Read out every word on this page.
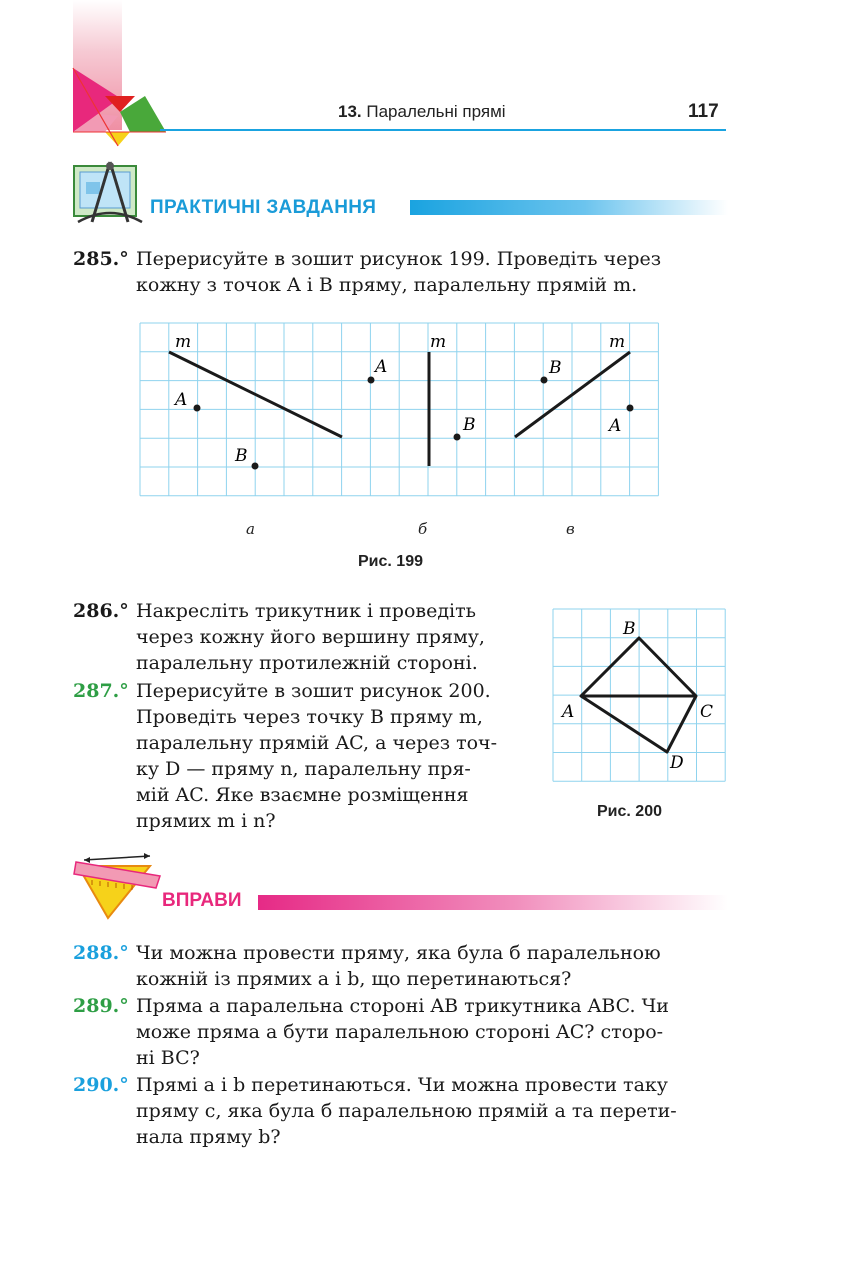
13. Паралельні прямі	117
ПРАКТИЧНІ ЗАВДАННЯ
285.° Перерисуйте в зошит рисунок 199. Проведіть через
кожну з точок A і B пряму, паралельну прямій m.
m
A
B
m
A
B
m
B
A
а	б	в
Рис. 199
286.° Накресліть трикутник і проведіть
через кожну його вершину пряму,
паралельну протилежній стороні.
287.° Перерисуйте в зошит рисунок 200.
Проведіть через точку B пряму m,
паралельну прямій AC, а через точ-
ку D — пряму n, паралельну пря-
мій AC. Яке взаємне розміщення
прямих m і n?
A
B
C
D
Рис. 200
ВПРАВИ
288.° Чи можна провести пряму, яка була б паралельною
кожній із прямих a і b, що перетинаються?
289.° Пряма a паралельна стороні AB трикутника ABC. Чи
може пряма a бути паралельною стороні AC? сторо-
ні BC?
290.° Прямі a і b перетинаються. Чи можна провести таку
пряму c, яка була б паралельною прямій a та перети-
нала пряму b?
